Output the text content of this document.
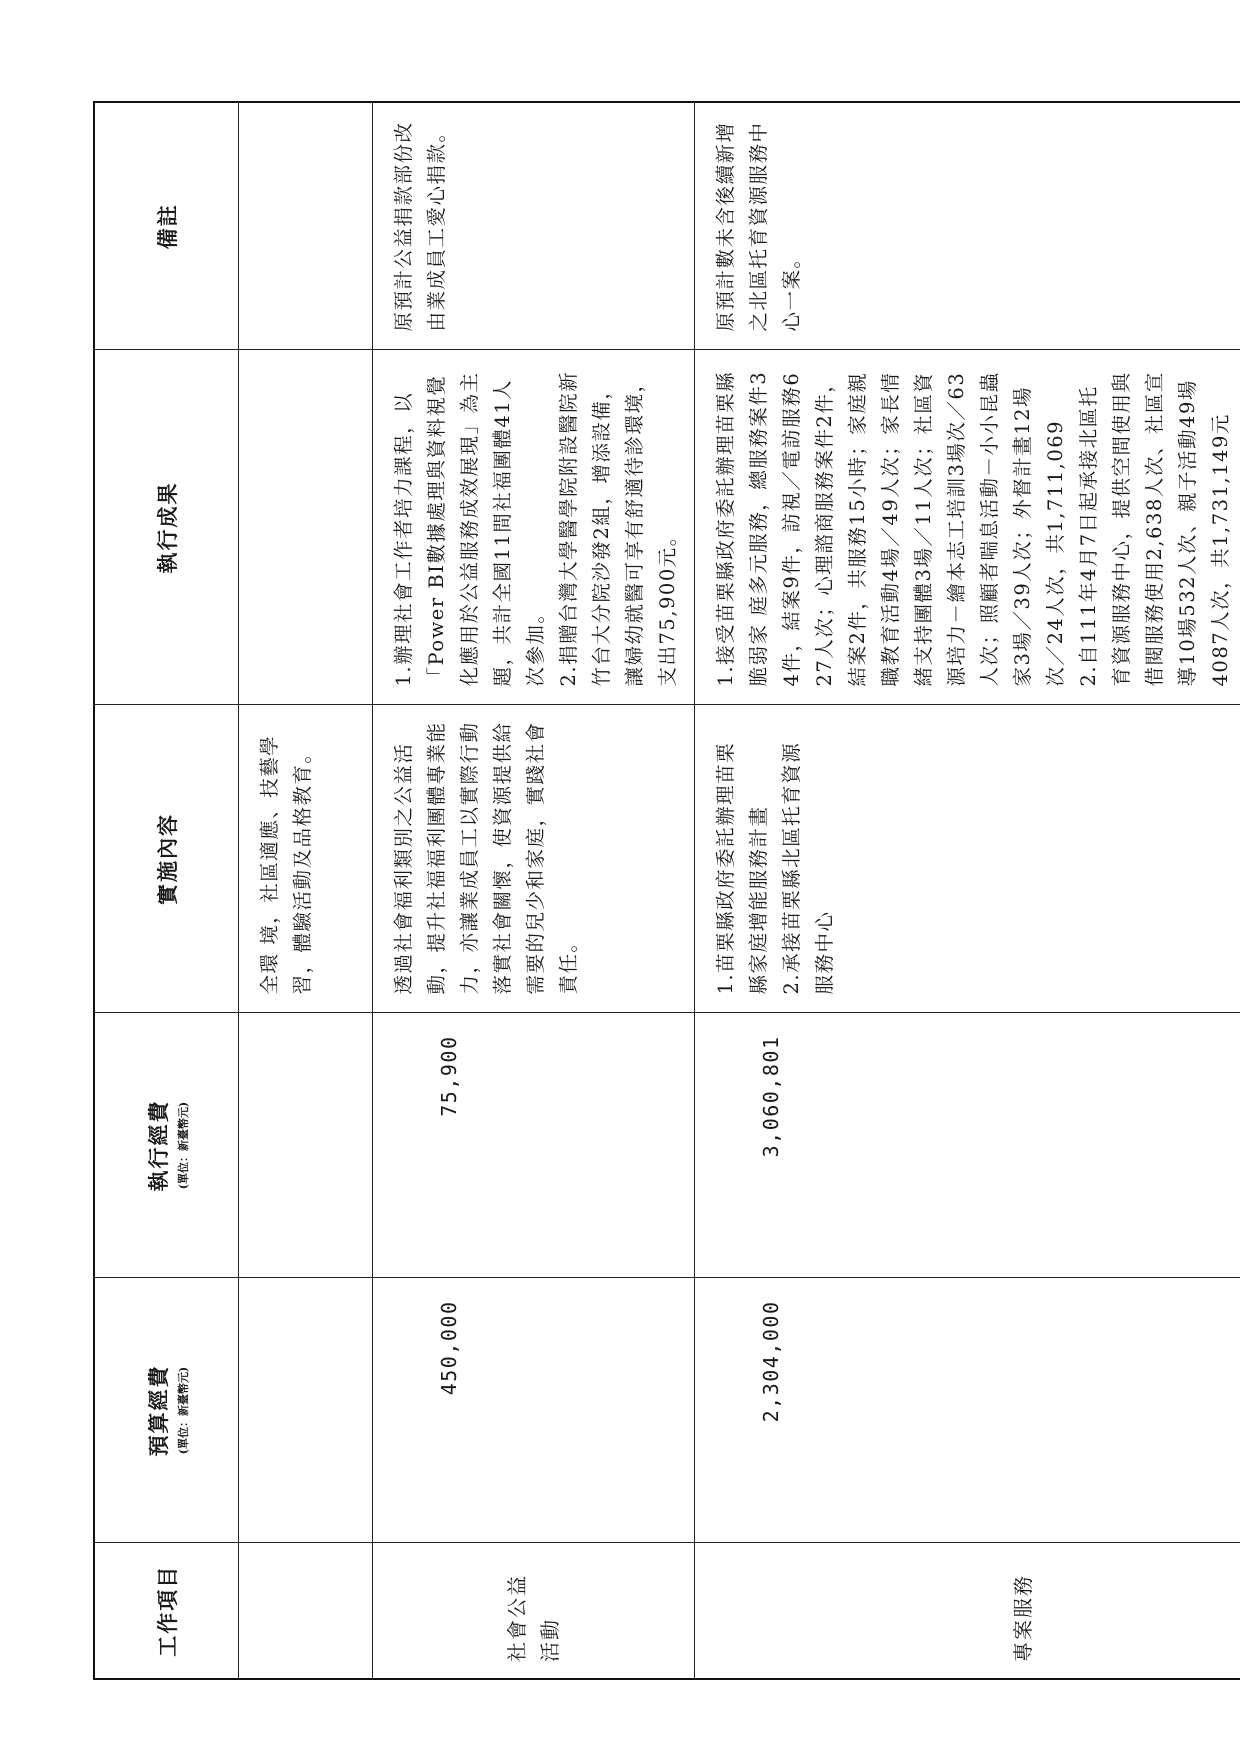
工作項目	預算經費 (單位：新臺幣元)	執行經費 (單位：新臺幣元)	實施內容	執行成果	備註

			全環 境，社區適應、技藝學習，體驗活動及品格教育。		

社會公益活動	450,000	75,900	透過社會福利類別之公益活動，提升社福福利團體專業能力，亦讓業成員工以實際行動落實社會關懷，使資源提供給需要的兒少和家庭，實踐社會責任。	1.辦理社會工作者培力課程，以「Power BI數據處理與資料視覺化應用於公益服務成效展現」為主題，共計全國11間社福團體41人次參加。
2.捐贈台灣大學醫學院附設醫院新竹台大分院沙發2組，增添設備，讓婦幼就醫可享有舒適待診環境，支出75,900元。	原預計公益捐款部份改由業成員工愛心捐款。

專案服務	2,304,000	3,060,801	1.苗栗縣政府委託辦理苗栗縣家庭增能服務計畫
2.承接苗栗縣北區托育資源服務中心	1.接受苗栗縣政府委託辦理苗栗縣脆弱家 庭多元服務，總服務案件34件，結案9件，訪視／電訪服務627人次；心理諮商服務案件2件，結案2件，共服務15小時；家庭親職教育活動4場／49人次；家長情緒支持團體3場／11人次；社區資源培力－繪本志工培訓3場次／63人次；照顧者喘息活動－小小昆蟲家3場／39人次；外督計畫12場次／24人次，共1,711,069
2.自111年4月7日起承接北區托育資源服務中心，提供空間使用與借閱服務使用2,638人次、社區宣導10場532人次、親子活動49場4087人次，共1,731,149元	原預計數未含後續新增之北區托育資源服務中心一案。
